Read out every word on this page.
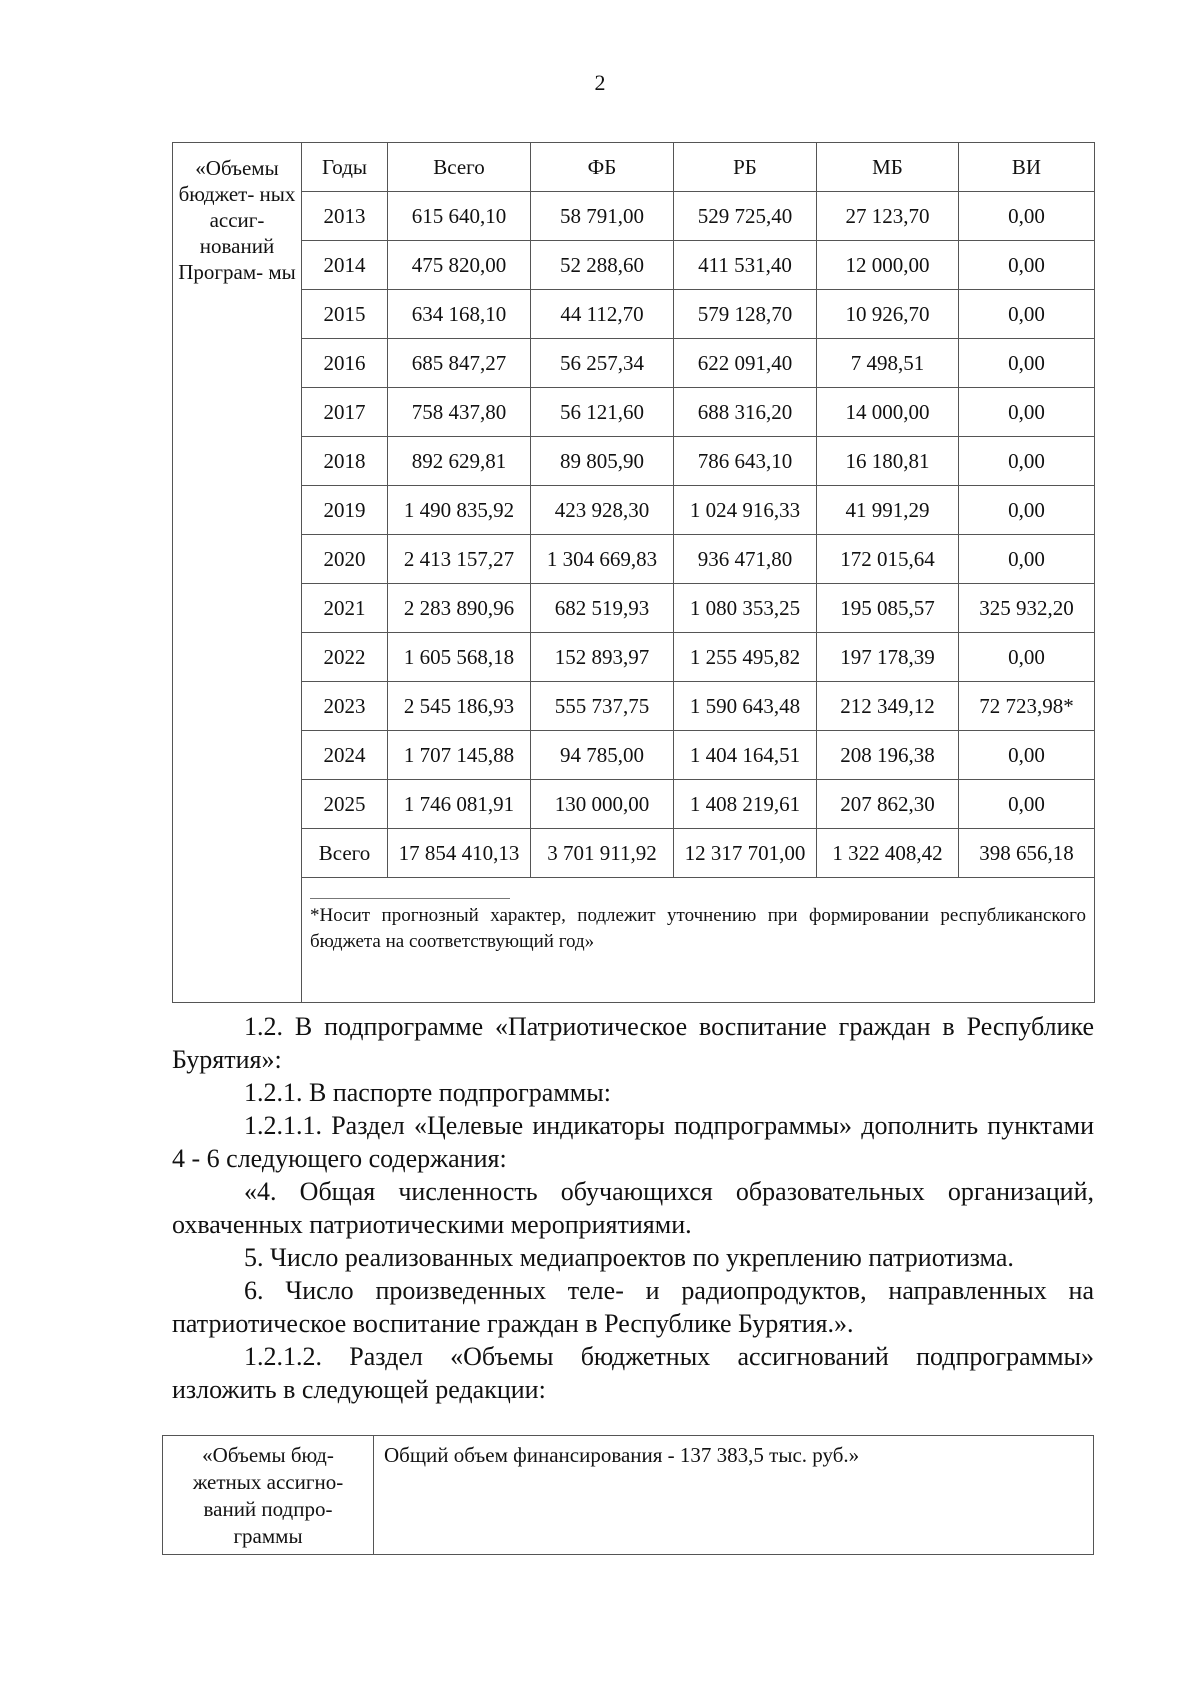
2
«Объемы бюджет- ных ассиг- нований Програм- мы	Годы	Всего	ФБ	РБ	МБ	ВИ
	2013	615 640,10	58 791,00	529 725,40	27 123,70	0,00
	2014	475 820,00	52 288,60	411 531,40	12 000,00	0,00
	2015	634 168,10	44 112,70	579 128,70	10 926,70	0,00
	2016	685 847,27	56 257,34	622 091,40	7 498,51	0,00
	2017	758 437,80	56 121,60	688 316,20	14 000,00	0,00
	2018	892 629,81	89 805,90	786 643,10	16 180,81	0,00
	2019	1 490 835,92	423 928,30	1 024 916,33	41 991,29	0,00
	2020	2 413 157,27	1 304 669,83	936 471,80	172 015,64	0,00
	2021	2 283 890,96	682 519,93	1 080 353,25	195 085,57	325 932,20
	2022	1 605 568,18	152 893,97	1 255 495,82	197 178,39	0,00
	2023	2 545 186,93	555 737,75	1 590 643,48	212 349,12	72 723,98*
	2024	1 707 145,88	94 785,00	1 404 164,51	208 196,38	0,00
	2025	1 746 081,91	130 000,00	1 408 219,61	207 862,30	0,00
	Всего	17 854 410,13	3 701 911,92	12 317 701,00	1 322 408,42	398 656,18

	*Носит прогнозный характер, подлежит уточнению при формировании республиканского бюджета на соответствующий год»					

1.2. В подпрограмме «Патриотическое воспитание граждан в Республике Бурятия»:

1.2.1. В паспорте подпрограммы:

1.2.1.1. Раздел «Целевые индикаторы подпрограммы» дополнить пунктами 4 - 6 следующего содержания:

«4. Общая численность обучающихся образовательных организаций, охваченных патриотическими мероприятиями.

5. Число реализованных медиапроектов по укреплению патриотизма.

6. Число произведенных теле- и радиопродуктов, направленных на патриотическое воспитание граждан в Республике Бурятия.».

1.2.1.2. Раздел «Объемы бюджетных ассигнований подпрограммы» изложить в следующей редакции:

«Объемы бюд- жетных ассигно- ваний подпро- граммы	Общий объем финансирования - 137 383,5 тыс. руб.»
